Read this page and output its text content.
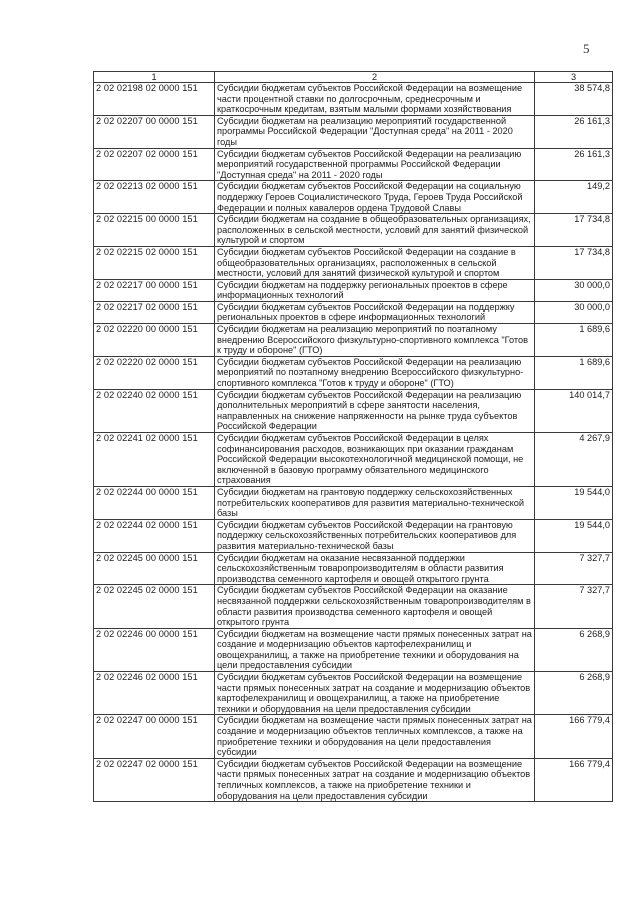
5
1	2	3
2 02 02198 02 0000 151	Субсидии бюджетам субъектов Российской Федерации на возмещение части процентной ставки по долгосрочным, среднесрочным и краткосрочным кредитам, взятым малыми формами хозяйствования	38 574,8
2 02 02207 00 0000 151	Субсидии бюджетам на реализацию мероприятий государственной программы Российской Федерации "Доступная среда" на 2011 - 2020 годы	26 161,3
2 02 02207 02 0000 151	Субсидии бюджетам субъектов Российской Федерации на реализацию мероприятий государственной программы Российской Федерации "Доступная среда" на 2011 - 2020 годы	26 161,3
2 02 02213 02 0000 151	Субсидии бюджетам субъектов Российской Федерации на социальную поддержку Героев Социалистического Труда, Героев Труда Российской Федерации и полных кавалеров ордена Трудовой Славы	149,2
2 02 02215 00 0000 151	Субсидии бюджетам на создание в общеобразовательных организациях, расположенных в сельской местности, условий для занятий физической культурой и спортом	17 734,8
2 02 02215 02 0000 151	Субсидии бюджетам субъектов Российской Федерации на создание в общеобразовательных организациях, расположенных в сельской местности, условий для занятий физической культурой и спортом	17 734,8
2 02 02217 00 0000 151	Субсидии бюджетам на поддержку региональных проектов в сфере информационных технологий	30 000,0
2 02 02217 02 0000 151	Субсидии бюджетам субъектов Российской Федерации на поддержку региональных проектов в сфере информационных технологий	30 000,0
2 02 02220 00 0000 151	Субсидии бюджетам на реализацию мероприятий по поэтапному внедрению Всероссийского физкультурно-спортивного комплекса "Готов к труду и обороне" (ГТО)	1 689,6
2 02 02220 02 0000 151	Субсидии бюджетам субъектов Российской Федерации на реализацию мероприятий по поэтапному внедрению Всероссийского физкультурно-спортивного комплекса "Готов к труду и обороне" (ГТО)	1 689,6
2 02 02240 02 0000 151	Субсидии бюджетам субъектов Российской Федерации на реализацию дополнительных мероприятий в сфере занятости населения, направленных на снижение напряженности на рынке труда субъектов Российской Федерации	140 014,7
2 02 02241 02 0000 151	Субсидии бюджетам субъектов Российской Федерации в целях софинансирования расходов, возникающих при оказании гражданам Российской Федерации высокотехнологичной медицинской помощи, не включенной в базовую программу обязательного медицинского страхования	4 267,9
2 02 02244 00 0000 151	Субсидии бюджетам на грантовую поддержку сельскохозяйственных потребительских кооперативов для развития материально-технической базы	19 544,0
2 02 02244 02 0000 151	Субсидии бюджетам субъектов Российской Федерации на грантовую поддержку сельскохозяйственных потребительских кооперативов для развития материально-технической базы	19 544,0
2 02 02245 00 0000 151	Субсидии бюджетам на оказание несвязанной поддержки сельскохозяйственным товаропроизводителям в области развития производства семенного картофеля и овощей открытого грунта	7 327,7
2 02 02245 02 0000 151	Субсидии бюджетам субъектов Российской Федерации на оказание несвязанной поддержки сельскохозяйственным товаропроизводителям в области развития производства семенного картофеля и овощей открытого грунта	7 327,7
2 02 02246 00 0000 151	Субсидии бюджетам на возмещение части прямых понесенных затрат на создание и модернизацию объектов картофелехранилищ и овощехранилищ, а также на приобретение техники и оборудования на цели предоставления субсидии	6 268,9
2 02 02246 02 0000 151	Субсидии бюджетам субъектов Российской Федерации на возмещение части прямых понесенных затрат на создание и модернизацию объектов картофелехранилищ и овощехранилищ, а также на приобретение техники и оборудования на цели предоставления субсидии	6 268,9
2 02 02247 00 0000 151	Субсидии бюджетам на возмещение части прямых понесенных затрат на создание и модернизацию объектов тепличных комплексов, а также на приобретение техники и оборудования на цели предоставления субсидии	166 779,4
2 02 02247 02 0000 151	Субсидии бюджетам субъектов Российской Федерации на возмещение части прямых понесенных затрат на создание и модернизацию объектов тепличных комплексов, а также на приобретение техники и оборудования на цели предоставления субсидии	166 779,4
